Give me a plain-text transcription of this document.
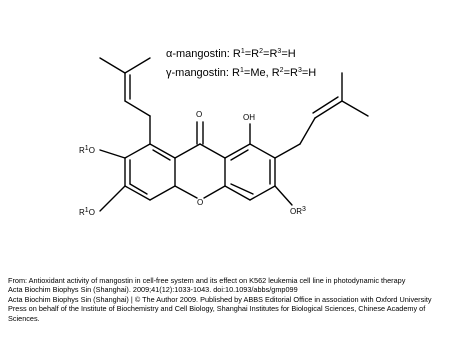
α-mangostin: $R^1=R^2=R^3=H$
γ-mangostin: $R^1=Me$, $R^2=R^3=H$
O	OH
O
R1O
R1O	OR3

From: Antioxidant activity of mangostin in cell-free system and its effect on K562 leukemia cell line in photodynamic therapy

Acta Biochim Biophys Sin (Shanghai). 2009;41(12):1033-1043. doi:10.1093/abbs/gmp099

Acta Biochim Biophys Sin (Shanghai) | © The Author 2009. Published by ABBS Editorial Office in association with Oxford University Press on behalf of the Institute of Biochemistry and Cell Biology, Shanghai Institutes for Biological Sciences, Chinese Academy of Sciences.
